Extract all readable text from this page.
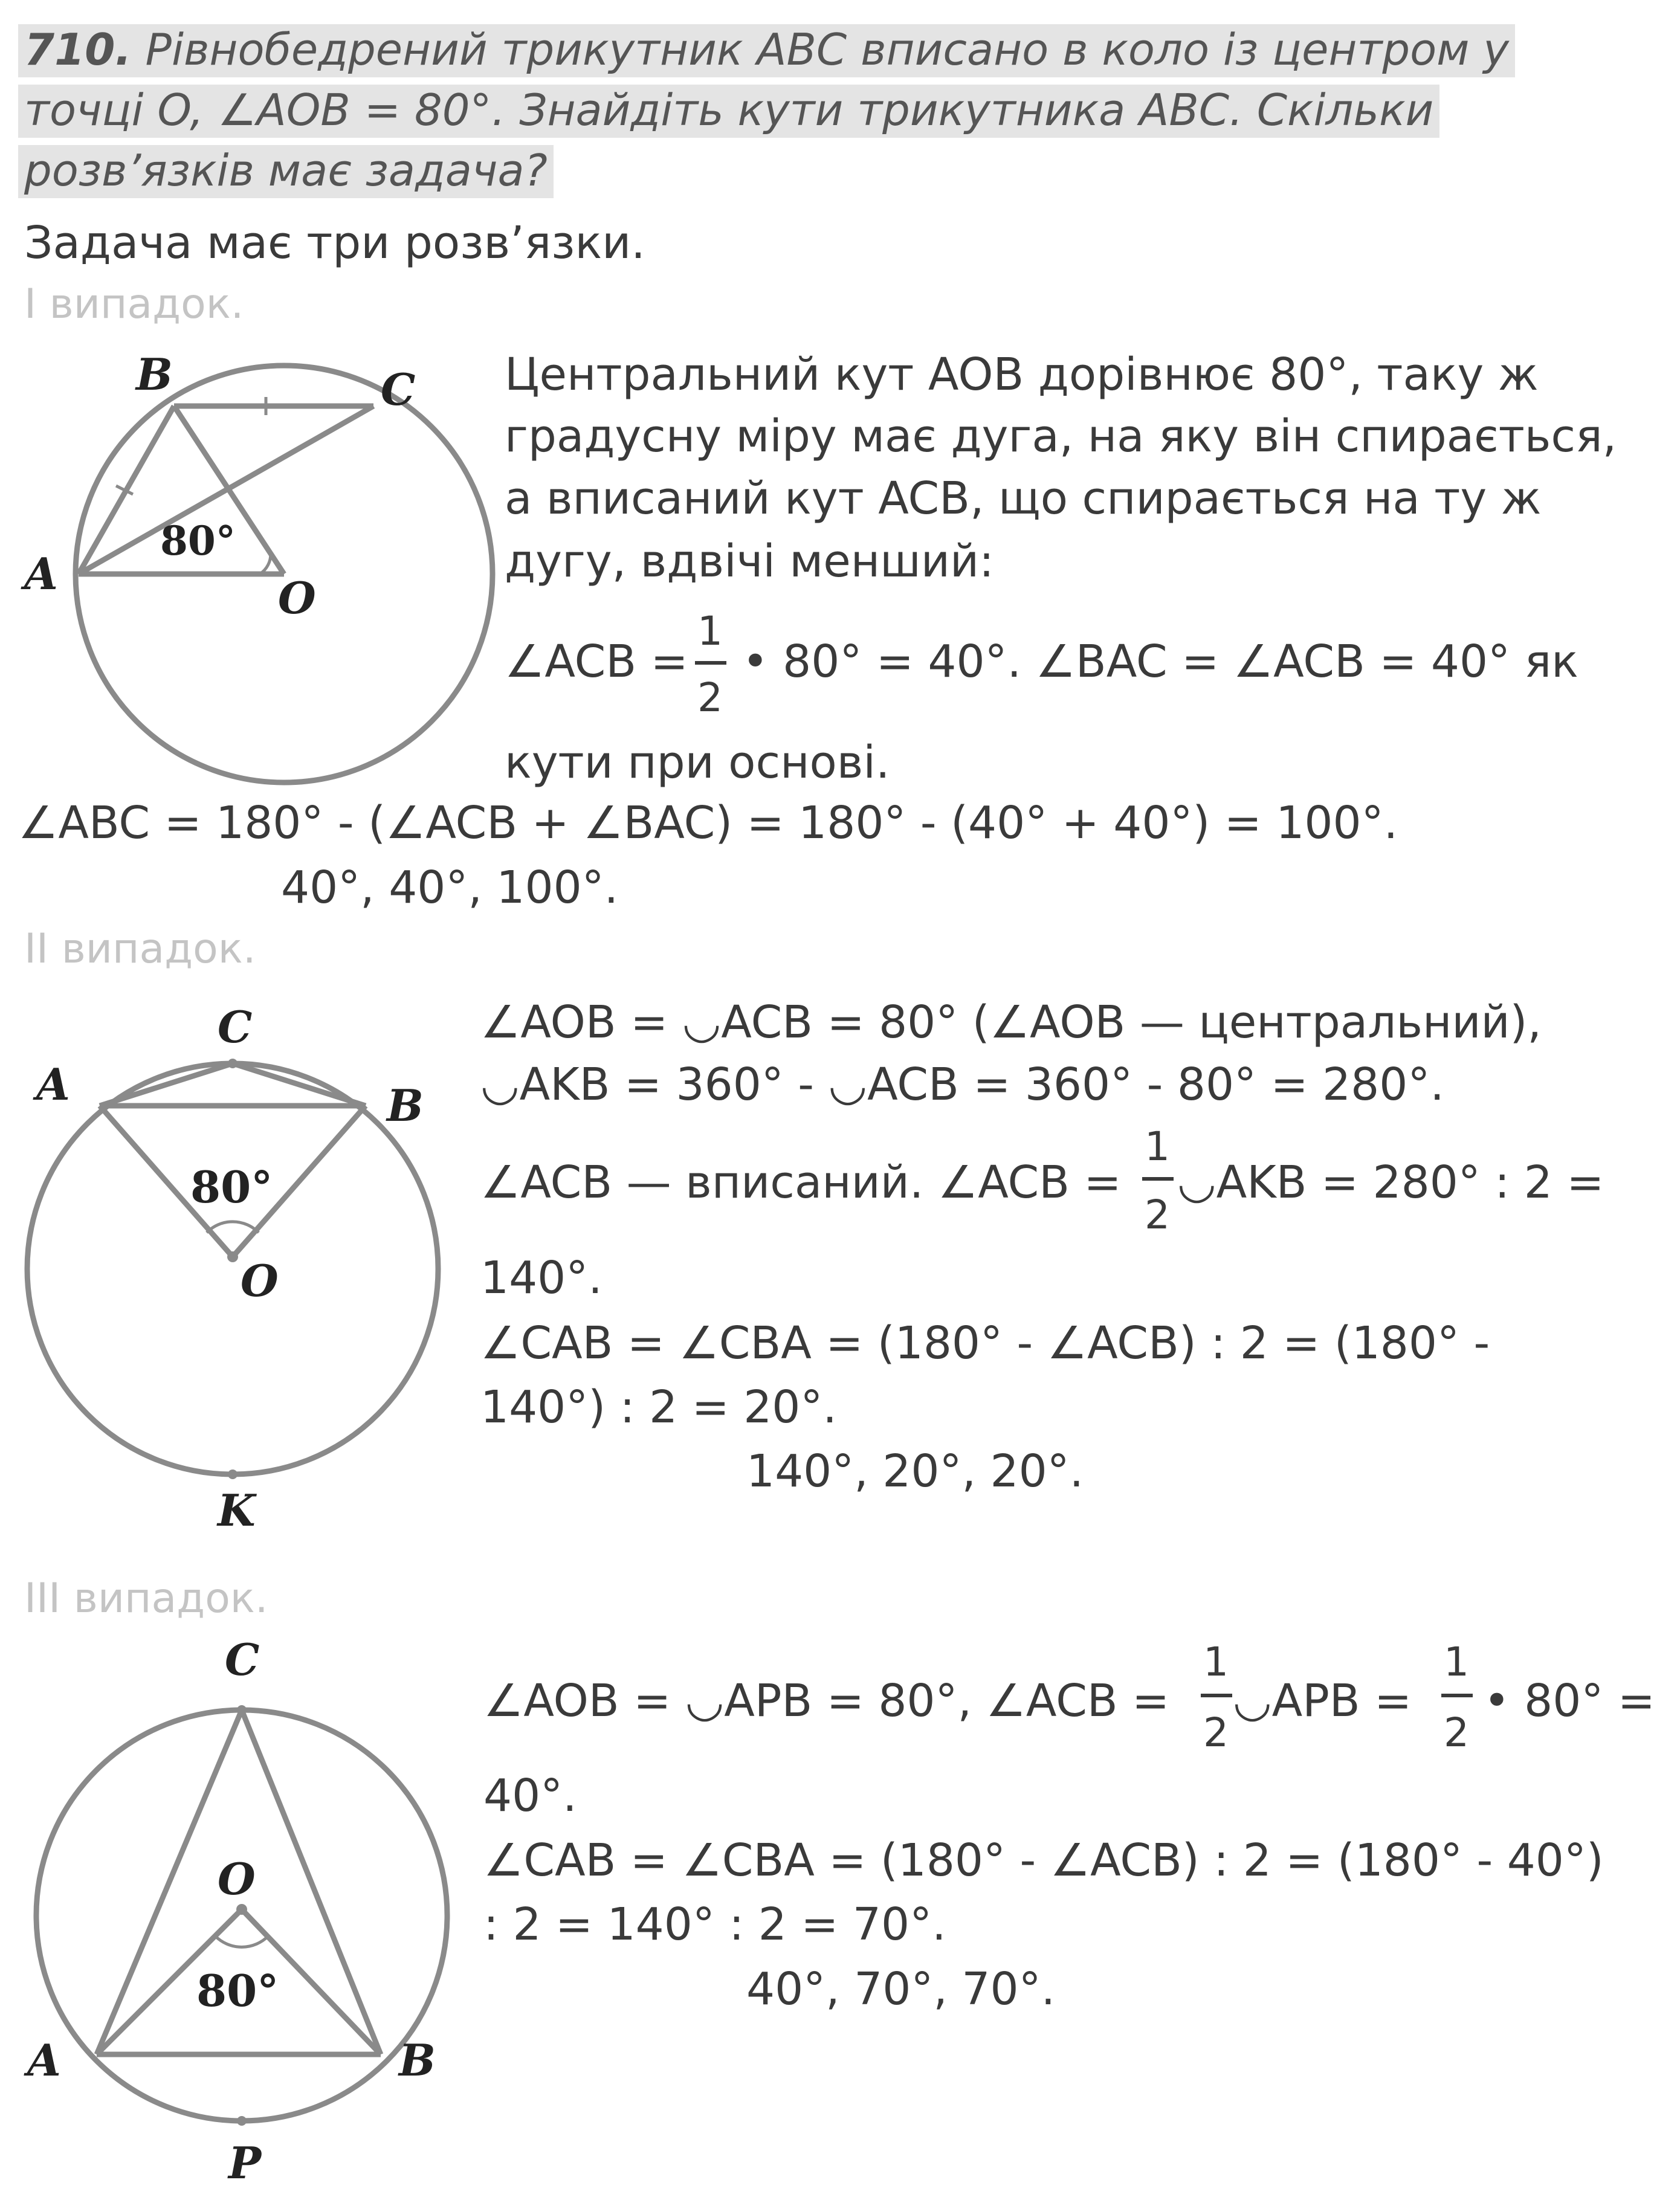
710. Рівнобедрений трикутник ABC вписано в коло із центром у
точці O, ∠AOB = 80°. Знайдіть кути трикутника ABC. Скільки
розв’язків має задача?
Задача має три розв’язки.
I випадок.
B	C
A	O
80°
Центральний кут AOB дорівнює 80°, таку ж
градусну міру має дуга, на яку він спирається,
а вписаний кут ACB, що спирається на ту ж
дугу, вдвічі менший:
∠ACB =
1
2
• 80° = 40°. ∠BAC = ∠ACB = 40° як
кути при основі.
∠ABC = 180° - (∠ACB + ∠BAC) = 180° - (40° + 40°) = 100°.
40°, 40°, 100°.
II випадок.
C
A	B
80°
O
K
∠AOB = ◡ACB = 80° (∠AOB — центральний),
◡AKB = 360° - ◡ACB = 360° - 80° = 280°.
∠ACB — вписаний. ∠ACB =
1
2
◡AKB = 280° : 2 =
140°.
∠CAB = ∠CBA = (180° - ∠ACB) : 2 = (180° -
140°) : 2 = 20°.
140°, 20°, 20°.
III випадок.
C
O
80°
A	B
P
∠AOB = ◡APB = 80°, ∠ACB =
1
2
◡APB =
1
2
• 80° =
40°.
∠CAB = ∠CBA = (180° - ∠ACB) : 2 = (180° - 40°)
: 2 = 140° : 2 = 70°.
40°, 70°, 70°.
